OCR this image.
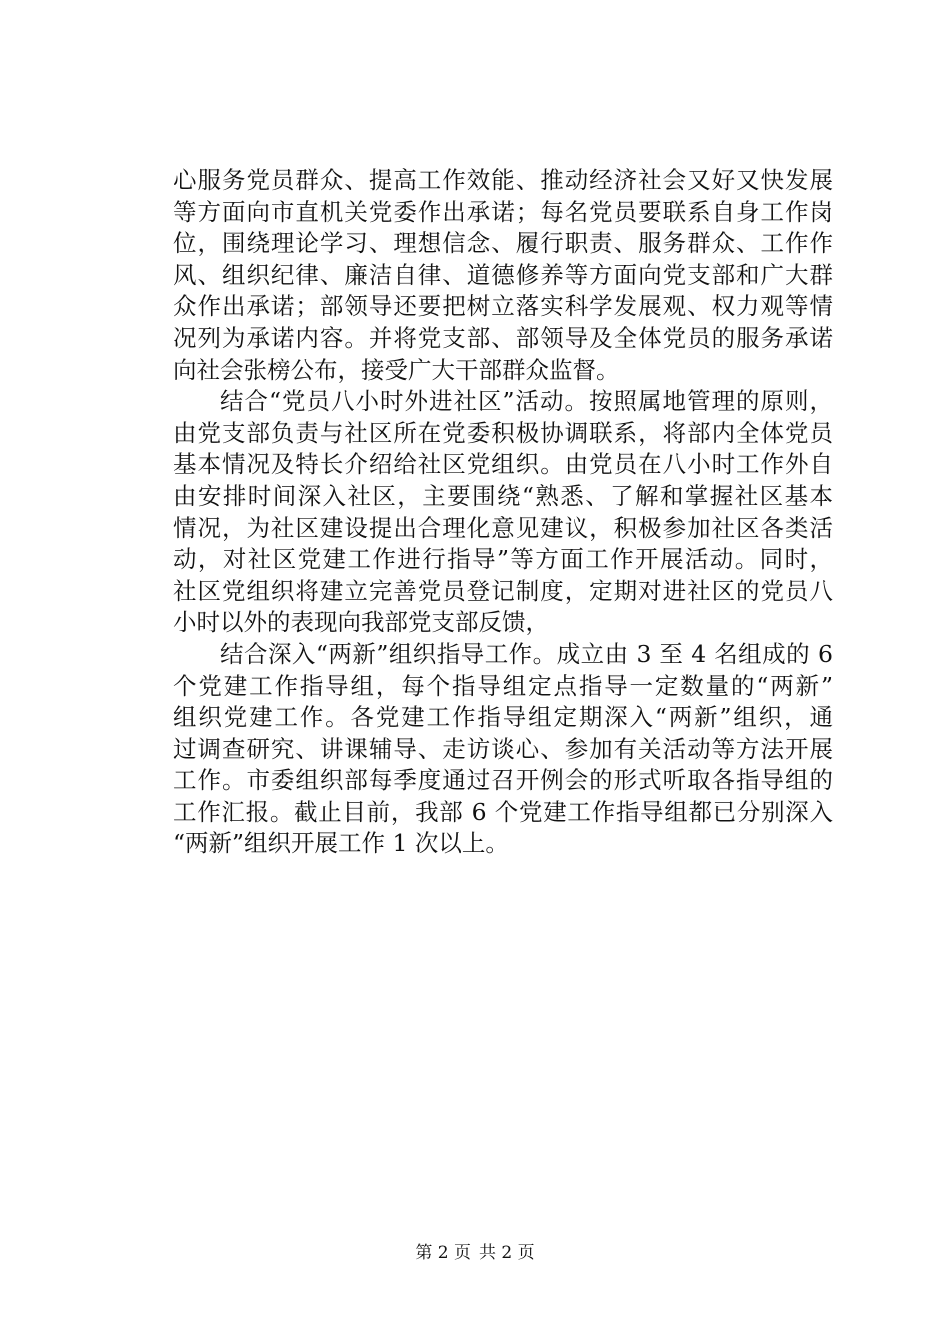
心服务党员群众、提高工作效能、推动经济社会又好又快发展
等方面向市直机关党委作出承诺；每名党员要联系自身工作岗
位，围绕理论学习、理想信念、履行职责、服务群众、工作作
风、组织纪律、廉洁自律、道德修养等方面向党支部和广大群
众作出承诺；部领导还要把树立落实科学发展观、权力观等情
况列为承诺内容。并将党支部、部领导及全体党员的服务承诺
向社会张榜公布，接受广大干部群众监督。
结合“党员八小时外进社区”活动。按照属地管理的原则，
由党支部负责与社区所在党委积极协调联系，将部内全体党员
基本情况及特长介绍给社区党组织。由党员在八小时工作外自
由安排时间深入社区，主要围绕“熟悉、了解和掌握社区基本
情况，为社区建设提出合理化意见建议，积极参加社区各类活
动，对社区党建工作进行指导”等方面工作开展活动。同时，
社区党组织将建立完善党员登记制度，定期对进社区的党员八
小时以外的表现向我部党支部反馈，
结合深入“两新”组织指导工作。成立由 3 至 4 名组成的 6
个党建工作指导组，每个指导组定点指导一定数量的“两新”
组织党建工作。各党建工作指导组定期深入“两新”组织，通
过调查研究、讲课辅导、走访谈心、参加有关活动等方法开展
工作。市委组织部每季度通过召开例会的形式听取各指导组的
工作汇报。截止目前，我部 6 个党建工作指导组都已分别深入
“两新”组织开展工作 1 次以上。
第 2 页 共 2 页
